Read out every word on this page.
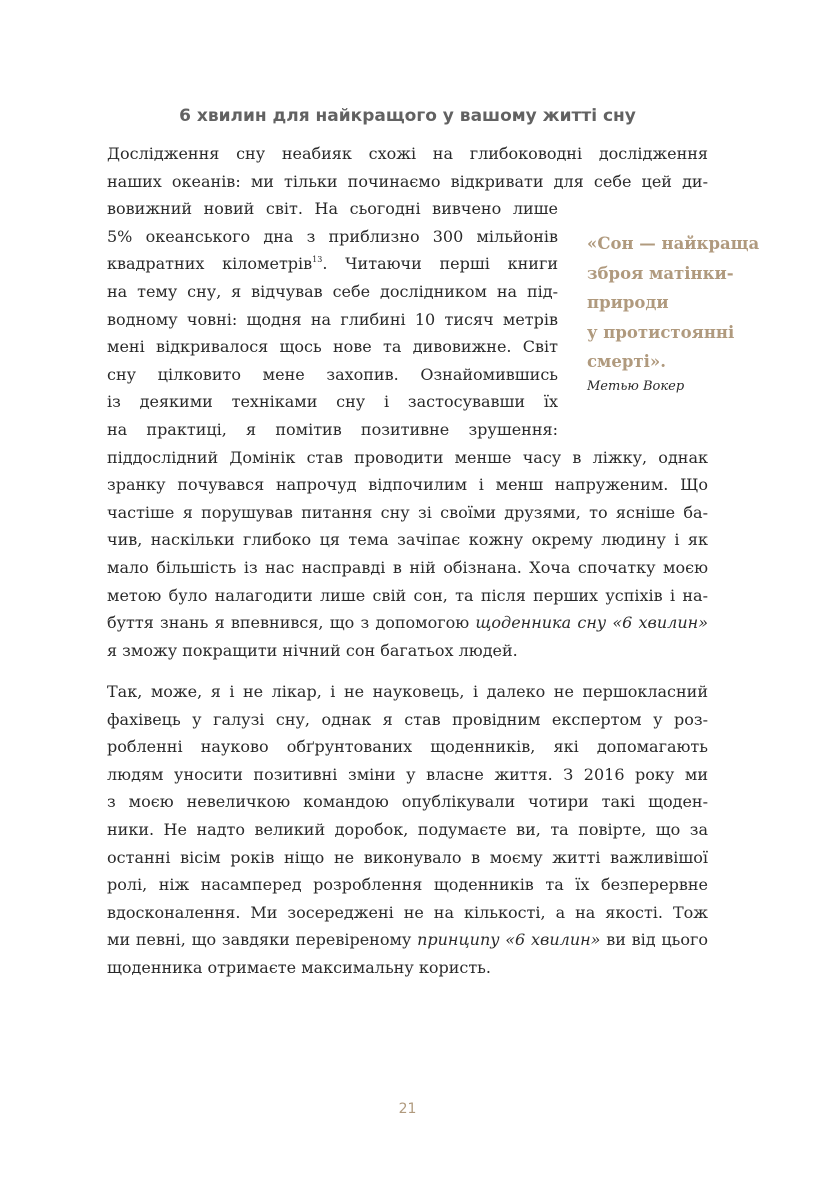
6 хвилин для найкращого у вашому житті сну
Дослідження сну неабияк схожі на глибоководні дослідження
наших океанів: ми тільки починаємо відкривати для себе цей ди-
вовижний новий світ. На сьогодні вивчено лише
5% океанського дна з приблизно 300 мільйонів
квадратних кілометрів$^{13}$. Читаючи перші книги
на тему сну, я відчував себе дослідником на під-
водному човні: щодня на глибині 10 тисяч метрів
мені відкривалося щось нове та дивовижне. Світ
сну цілковито мене захопив. Ознайомившись
із деякими техніками сну і застосувавши їх
на практиці, я помітив позитивне зрушення:
піддослідний Домінік став проводити менше часу в ліжку, однак
зранку почувався напрочуд відпочилим і менш напруженим. Що
частіше я порушував питання сну зі своїми друзями, то ясніше ба-
чив, наскільки глибоко ця тема зачіпає кожну окрему людину і як
мало більшість із нас насправді в ній обізнана. Хоча спочатку моєю
метою було налагодити лише свій сон, та після перших успіхів і на-
буття знань я впевнився, що з допомогою щоденника сну «6 хвилин»
я зможу покращити нічний сон багатьох людей.
«Сон — найкраща
зброя матінки-
природи
у протистоянні
смерті».
Метью Вокер
Так, може, я і не лікар, і не науковець, і далеко не першокласний
фахівець у галузі сну, однак я став провідним експертом у роз-
робленні науково обґрунтованих щоденників, які допомагають
людям уносити позитивні зміни у власне життя. З 2016 року ми
з моєю невеличкою командою опублікували чотири такі щоден-
ники. Не надто великий доробок, подумаєте ви, та повірте, що за
останні вісім років ніщо не виконувало в моєму житті важливішої
ролі, ніж насамперед розроблення щоденників та їх безперервне
вдосконалення. Ми зосереджені не на кількості, а на якості. Тож
ми певні, що завдяки перевіреному принципу «6 хвилин» ви від цього
щоденника отримаєте максимальну користь.
21
